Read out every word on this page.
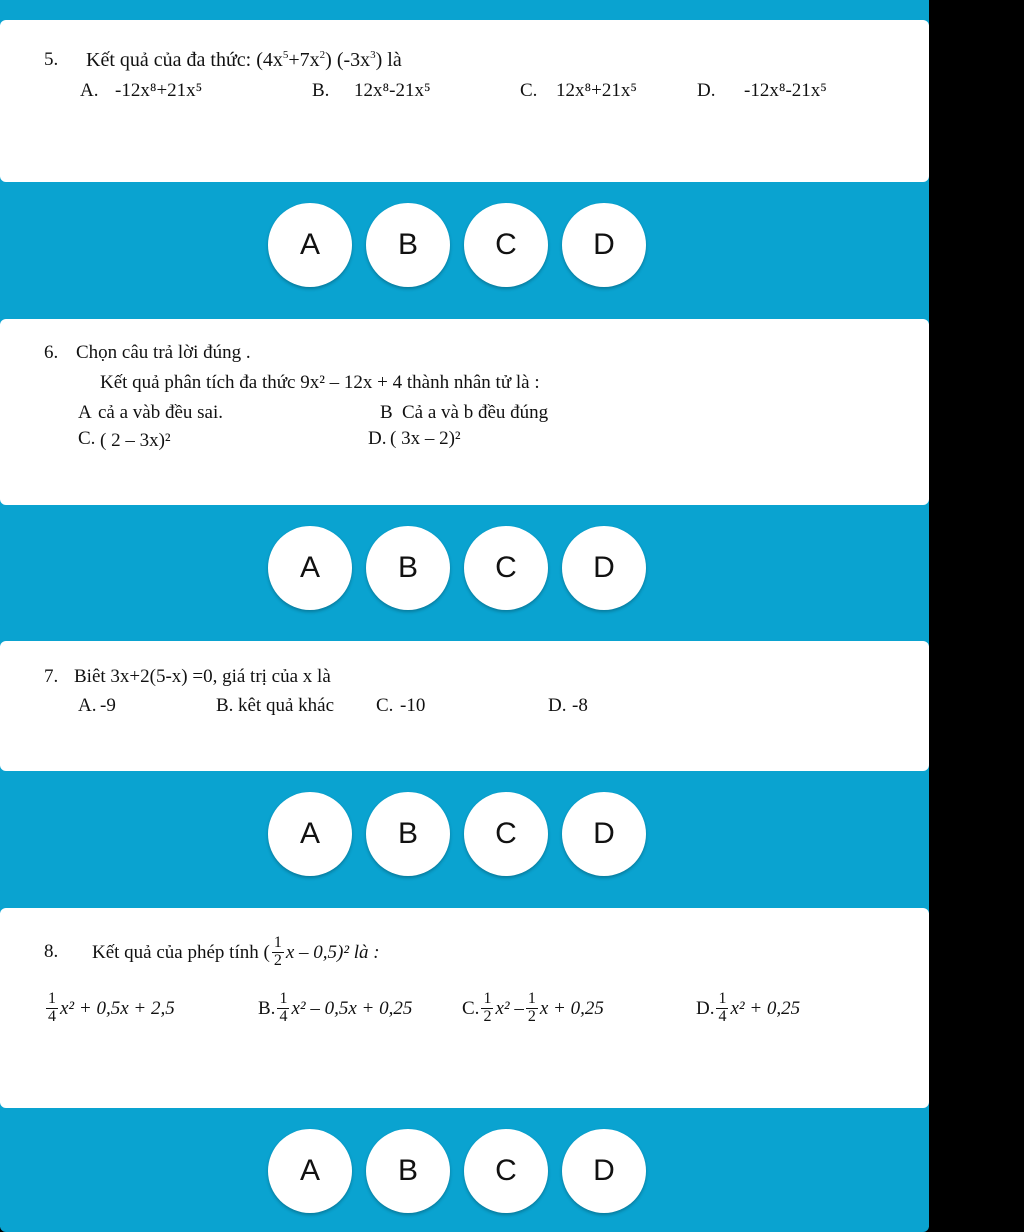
5. Kết quả của đa thức: $(4x^5+7x^2)$ $(-3x^3)$ là
A. -12x⁸+21x⁵	B. 12x⁸-21x⁵	C. 12x⁸+21x⁵	D. -12x⁸-21x⁵
A	B	C	D
6. Chọn câu trả lời đúng .
Kết quả phân tích đa thức 9x² – 12x + 4 thành nhân tử là :
A cả a vàb đều sai.	B Cả a và b đều đúng
C. ( 2 – 3x)²	D. ( 3x – 2)²
A	B	C	D
7. Biêt 3x+2(5-x) =0, giá trị của x là
A. -9	B. kêt quả khác C. -10	D. -8
A	B	C	D
8. Kết quả của phép tính ( $\frac{1}{2}$ x – 0,5)² là :
$\frac{1}{4} x^2 + 0,5x + 2,5$	B. $\frac{1}{4} x^2 - 0,5x + 0,25$	C. $\frac{1}{2} x^2 - \frac{1}{2}$ x + 0,25	D. $\frac{1}{4} x^2 + 0,25$
A	B	C	D
